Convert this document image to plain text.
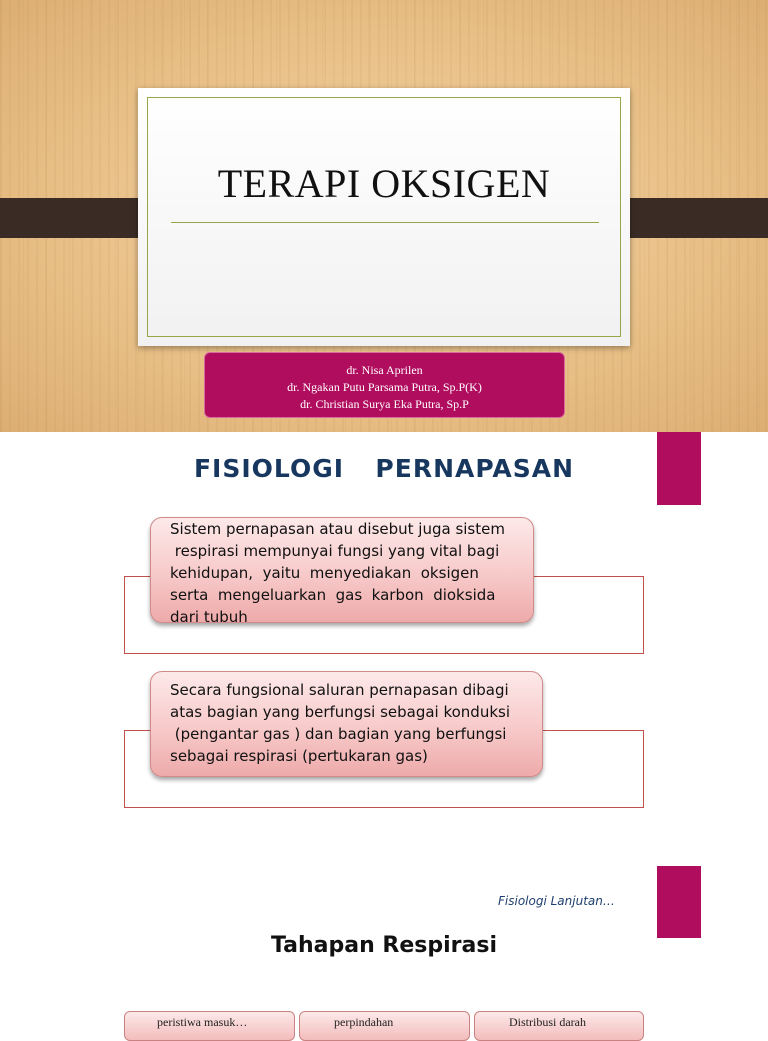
TERAPI OKSIGEN
dr. Nisa Aprilen
dr. Ngakan Putu Parsama Putra, Sp.P(K)
dr. Christian Surya Eka Putra, Sp.P
FISIOLOGI  PERNAPASAN

Sistem pernapasan atau disebut juga sistem

respirasi mempunyai fungsi yang vital bagi

kehidupan,  yaitu  menyediakan  oksigen

serta  mengeluarkan  gas  karbon  dioksida

dari tubuh

Secara fungsional saluran pernapasan dibagi

atas bagian yang berfungsi sebagai konduksi

(pengantar gas ) dan bagian yang berfungsi

sebagai respirasi (pertukaran gas)

Fisiologi Lanjutan…
Tahapan Respirasi
peristiwa masuk…	perpindahan	Distribusi darah
